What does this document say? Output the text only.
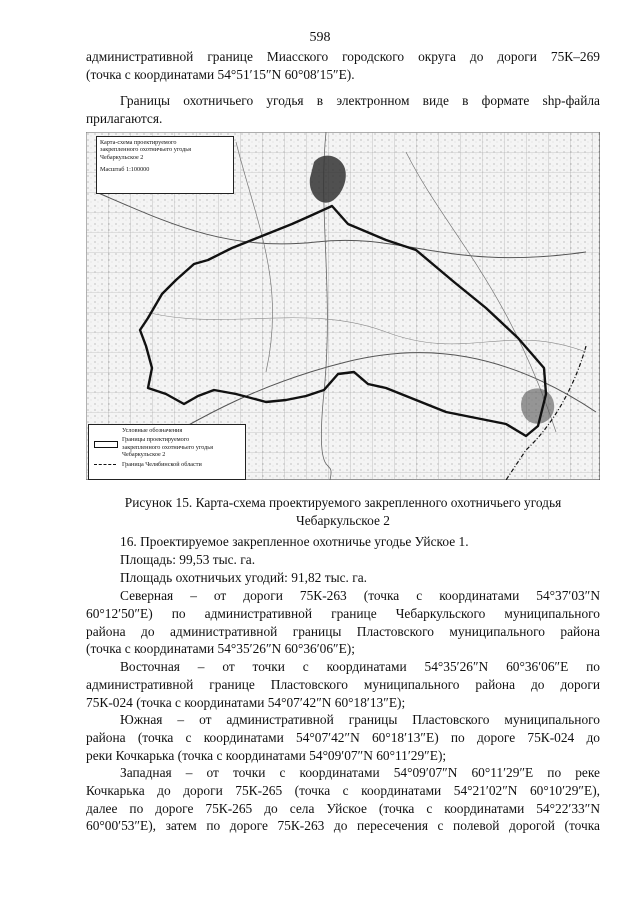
598
административной границе Миасского городского округа до дороги 75К–269
(точка с координатами 54°51′15″N 60°08′15″E).
Границы охотничьего угодья в электронном виде в формате shp-файла
прилагаются.
Карта-схема проектируемого
закрепленного охотничьего угодья
Чебаркульское 2
Масштаб 1:100000
Условные обозначения
Границы проектируемого
закрепленного охотничьего угодья
Чебаркульское 2
Граница Челябинской области
Рисунок 15. Карта-схема проектируемого закрепленного охотничьего угодья
Чебаркульское 2
16. Проектируемое закрепленное охотничье угодье Уйское 1.
Площадь: 99,53 тыс. га.
Площадь охотничьих угодий: 91,82 тыс. га.
Северная – от дороги 75К-263 (точка с координатами 54°37′03″N
60°12′50″E) по административной границе Чебаркульского муниципального
района до административной границы Пластовского муниципального района
(точка с координатами 54°35′26″N 60°36′06″E);
Восточная – от точки с координатами 54°35′26″N 60°36′06″E по
административной границе Пластовского муниципального района до дороги
75К-024 (точка с координатами 54°07′42″N 60°18′13″E);
Южная – от административной границы Пластовского муниципального
района (точка с координатами 54°07′42″N 60°18′13″E) по дороге 75К-024 до
реки Кочкарька (точка с координатами 54°09′07″N 60°11′29″E);
Западная – от точки с координатами 54°09′07″N 60°11′29″E по реке
Кочкарька до дороги 75К-265 (точка с координатами 54°21′02″N 60°10′29″E),
далее по дороге 75К-265 до села Уйское (точка с координатами 54°22′33″N
60°00′53″E), затем по дороге 75К-263 до пересечения с полевой дорогой (точка
